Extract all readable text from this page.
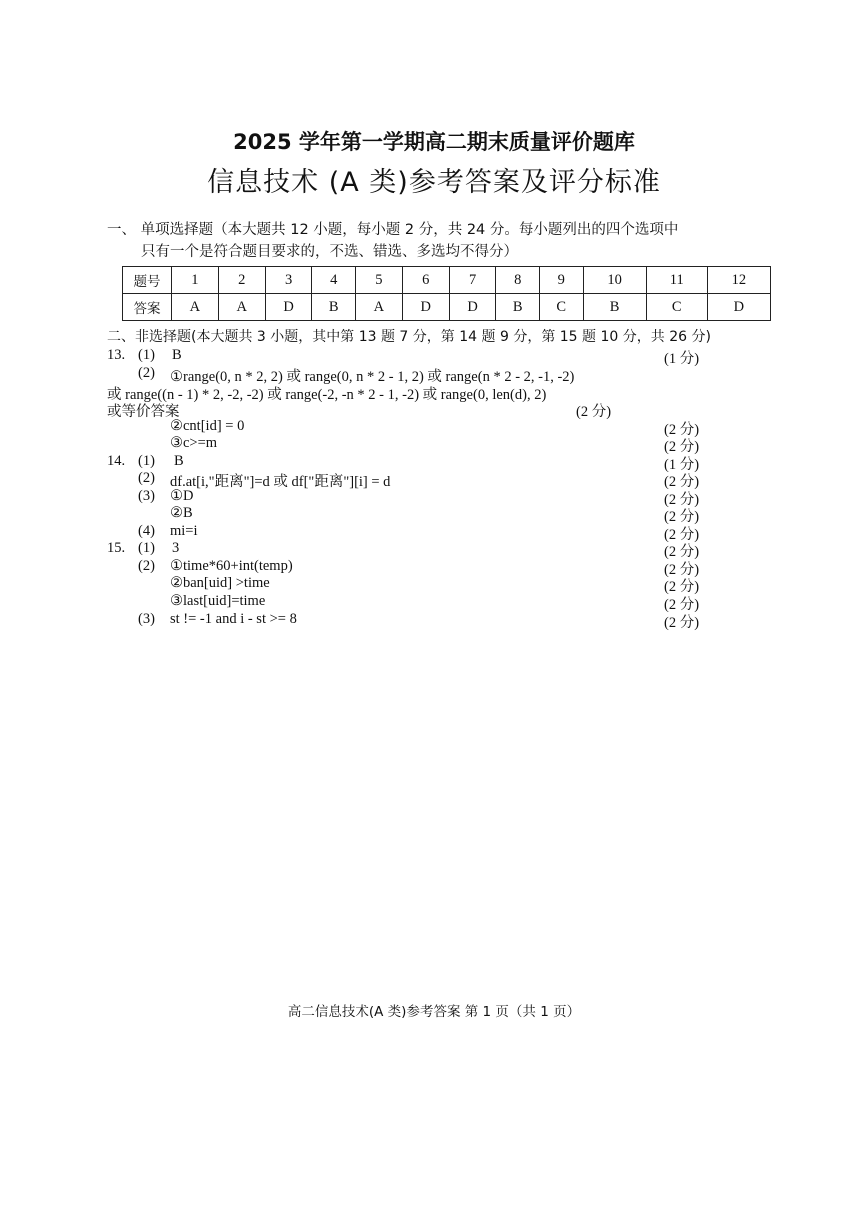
2025 学年第一学期高二期末质量评价题库
信息技术 (A 类)参考答案及评分标准
一、 单项选择题（本大题共 12 小题，每小题 2 分，共 24 分。每小题列出的四个选项中
只有一个是符合题目要求的，不选、错选、多选均不得分）
题号	1	2	3	4	5	6	7	8	9	10	11	12
答案	A	A	D	B	A	D	D	B	C	B	C	D
二、非选择题(本大题共 3 小题，其中第 13 题 7 分，第 14 题 9 分，第 15 题 10 分，共 26 分)
13. (1) B	(1 分)
(2) ①range(0, n * 2, 2) 或 range(0, n * 2 - 1, 2) 或 range(n * 2 - 2, -1, -2)
或 range((n - 1) * 2, -2, -2) 或 range(-2, -n * 2 - 1, -2) 或 range(0, len(d), 2)
或等价答案	(2 分)
②cnt[id] = 0	(2 分)
③c>=m	(2 分)
14. (1) B	(1 分)
(2) df.at[i,"距离"]=d 或 df["距离"][i] = d	(2 分)
(3) ①D	(2 分)
②B	(2 分)
(4) mi=i	(2 分)
15. (1) 3	(2 分)
(2) ①time*60+int(temp)	(2 分)
②ban[uid] >time	(2 分)
③last[uid]=time	(2 分)
(3) st != -1 and i - st >= 8	(2 分)
高二信息技术(A 类)参考答案 第 1 页（共 1 页）
